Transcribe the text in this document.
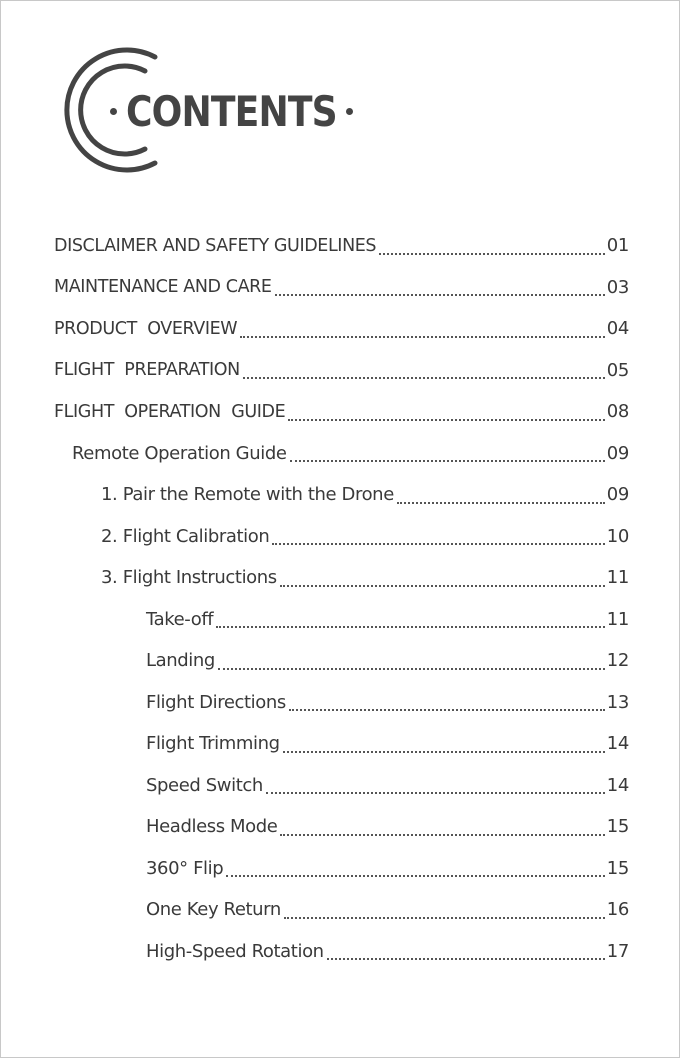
CONTENTS
DISCLAIMER AND SAFETY GUIDELINES	01
MAINTENANCE AND CARE	03
PRODUCT  OVERVIEW	04
FLIGHT  PREPARATION	05
FLIGHT  OPERATION  GUIDE	08
Remote Operation Guide	09
1. Pair the Remote with the Drone	09
2. Flight Calibration	10
3. Flight Instructions	11
Take-off	11
Landing	12
Flight Directions	13
Flight Trimming	14
Speed Switch	14
Headless Mode	15
360° Flip	15
One Key Return	16
High-Speed Rotation	17
